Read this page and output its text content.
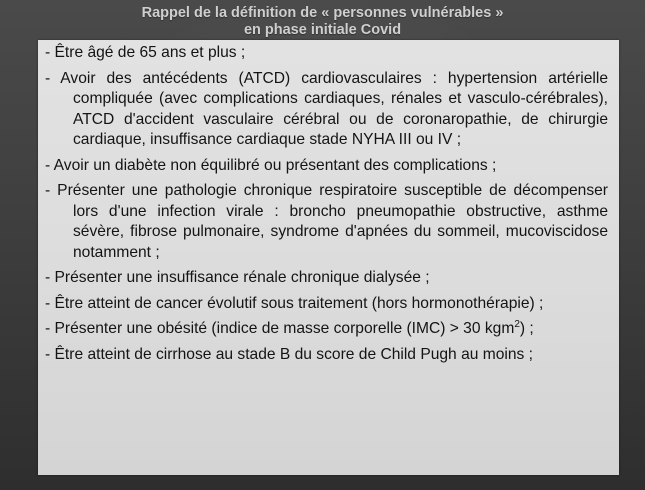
Rappel de la définition de « personnes vulnérables »
en phase initiale Covid
- Être âgé de 65 ans et plus ;
- Avoir des antécédents (ATCD) cardiovasculaires : hypertension artérielle compliquée (avec complications cardiaques, rénales et vasculo-cérébrales), ATCD d'accident vasculaire cérébral ou de coronaropathie, de chirurgie cardiaque, insuffisance cardiaque stade NYHA III ou IV ;
- Avoir un diabète non équilibré ou présentant des complications ;
- Présenter une pathologie chronique respiratoire susceptible de décompenser lors d'une infection virale : broncho pneumopathie obstructive, asthme sévère, fibrose pulmonaire, syndrome d'apnées du sommeil, mucoviscidose notamment ;
- Présenter une insuffisance rénale chronique dialysée ;
- Être atteint de cancer évolutif sous traitement (hors hormonothérapie) ;
- Présenter une obésité (indice de masse corporelle (IMC) > 30 kgm$^2$) ;
- Être atteint de cirrhose au stade B du score de Child Pugh au moins ;
